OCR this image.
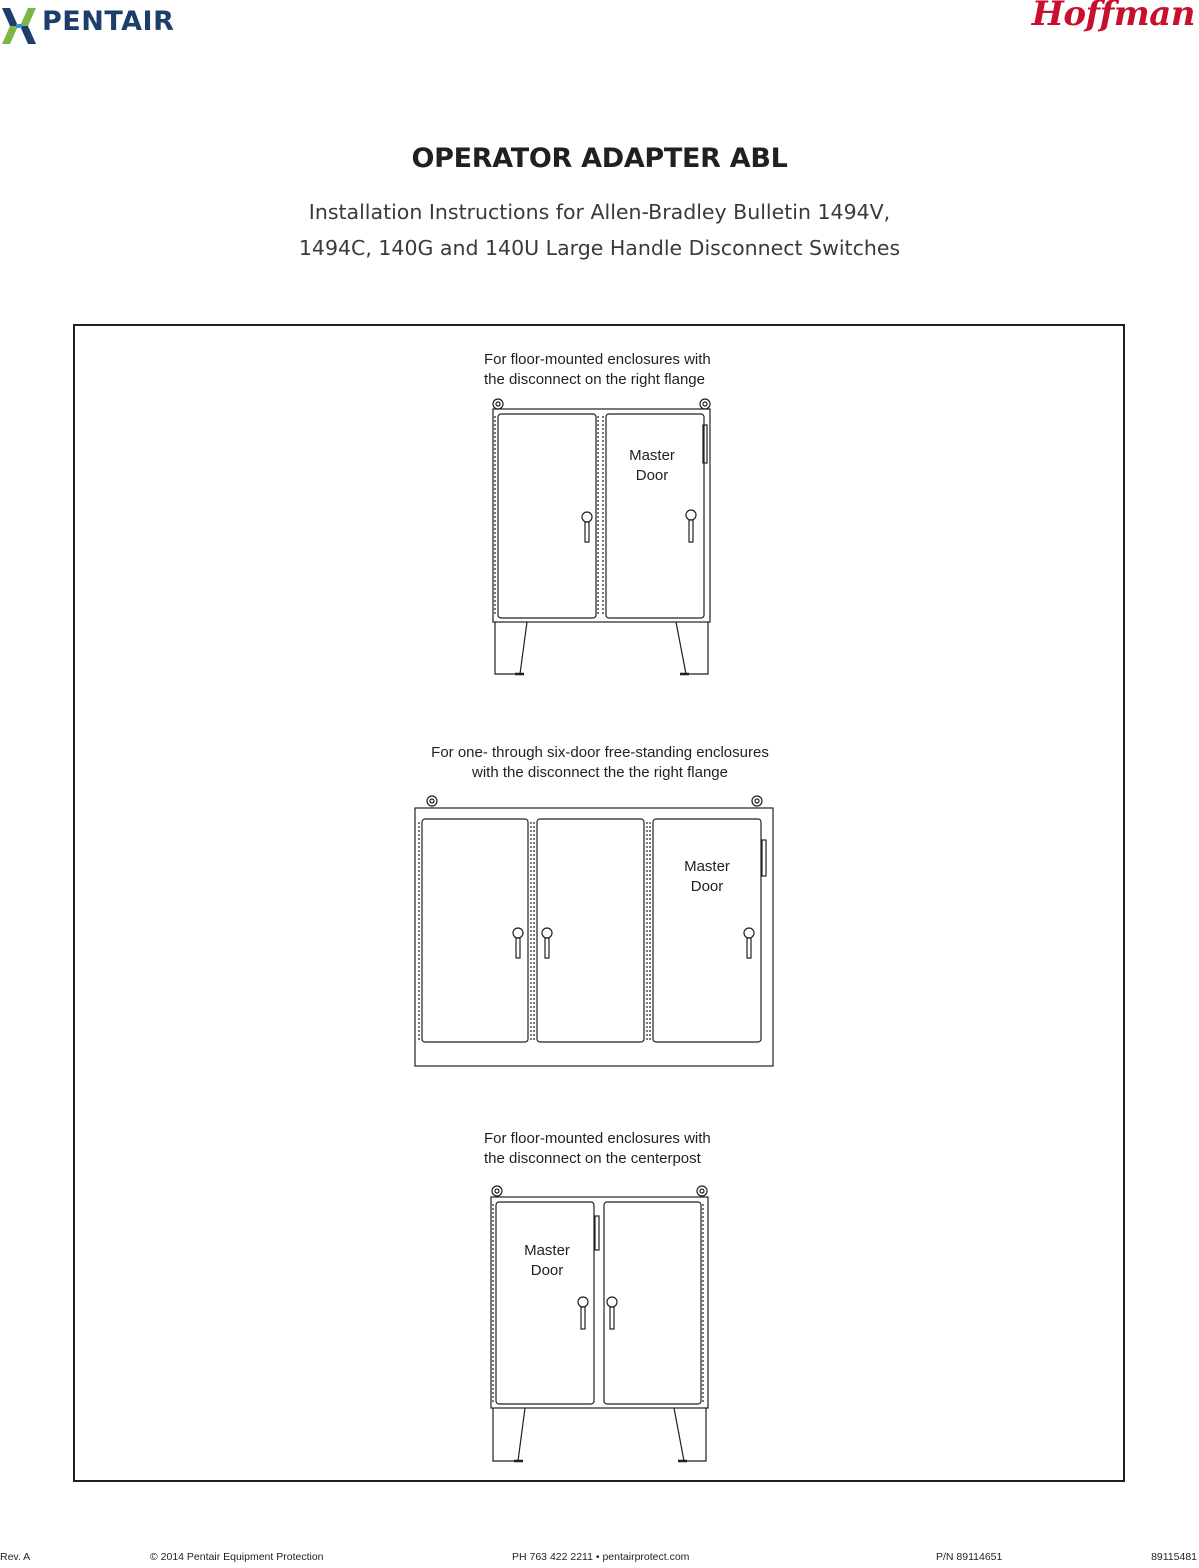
PENTAIR	Hoffman
OPERATOR ADAPTER ABL
Installation Instructions for Allen-Bradley Bulletin 1494V,
1494C, 140G and 140U Large Handle Disconnect Switches
For floor-mounted enclosures with
the disconnect on the right flange
Master
Door
For one- through six-door free-standing enclosures
with the disconnect the the right flange
Master
Door
For floor-mounted enclosures with
the disconnect on the centerpost
Master
Door
Rev. A	© 2014 Pentair Equipment Protection	PH 763 422 2211 • pentairprotect.com	P/N 89114651	89115481
